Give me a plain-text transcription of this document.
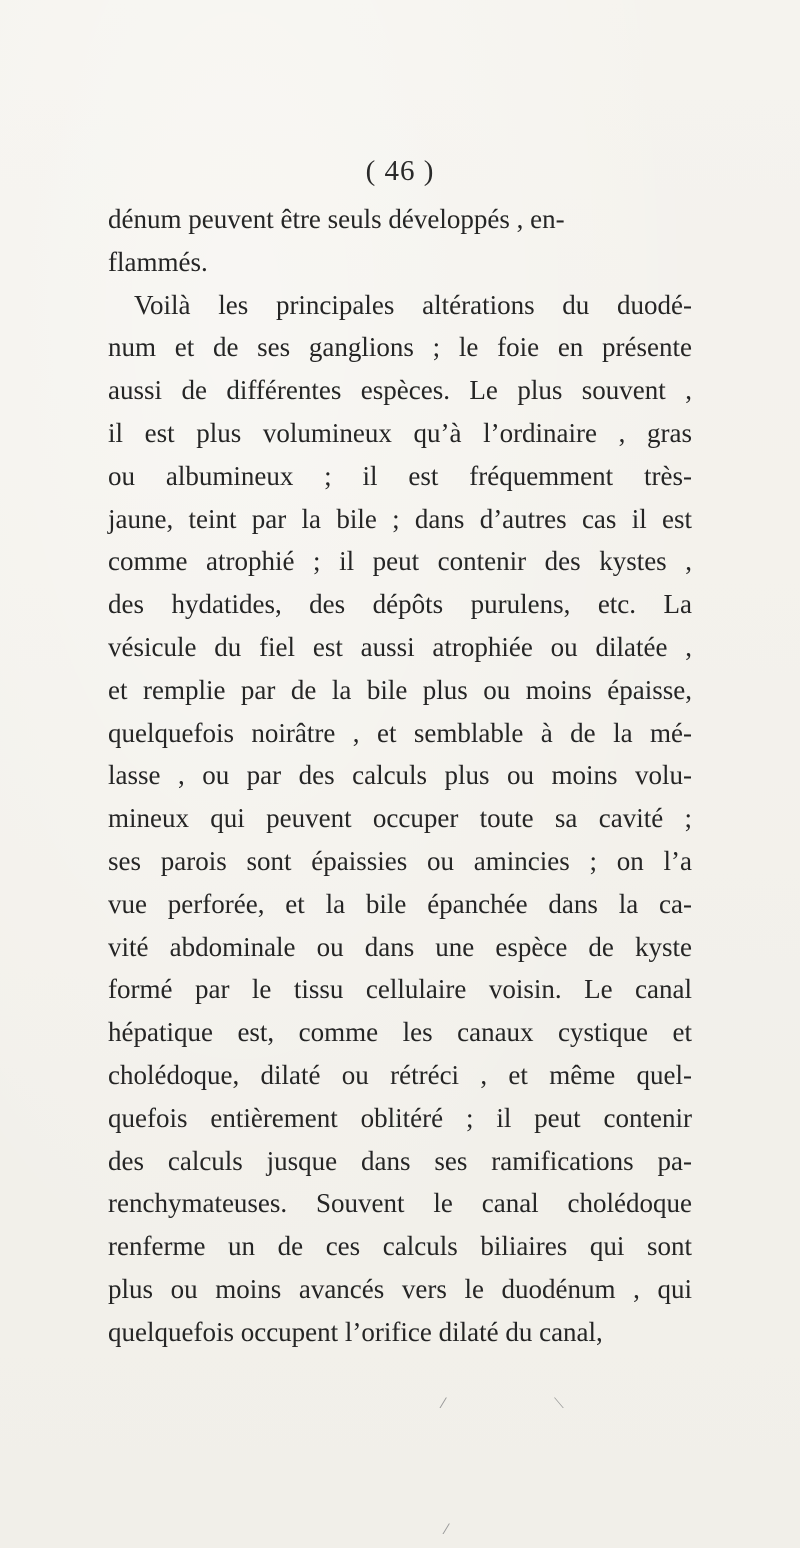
( 46 )
dénum peuvent être seuls développés , en-
flammés.
Voilà les principales altérations du duodé-
num et de ses ganglions ; le foie en présente
aussi de différentes espèces. Le plus souvent ,
il est plus volumineux qu’à l’ordinaire , gras
ou albumineux ; il est fréquemment très-
jaune, teint par la bile ; dans d’autres cas il est
comme atrophié ; il peut contenir des kystes ,
des hydatides, des dépôts purulens, etc. La
vésicule du fiel est aussi atrophiée ou dilatée ,
et remplie par de la bile plus ou moins épaisse,
quelquefois noirâtre , et semblable à de la mé-
lasse , ou par des calculs plus ou moins volu-
mineux qui peuvent occuper toute sa cavité ;
ses parois sont épaissies ou amincies ; on l’a
vue perforée, et la bile épanchée dans la ca-
vité abdominale ou dans une espèce de kyste
formé par le tissu cellulaire voisin. Le canal
hépatique est, comme les canaux cystique et
cholédoque, dilaté ou rétréci , et même quel-
quefois entièrement oblitéré ; il peut contenir
des calculs jusque dans ses ramifications pa-
renchymateuses. Souvent le canal cholédoque
renferme un de ces calculs biliaires qui sont
plus ou moins avancés vers le duodénum , qui
quelquefois occupent l’orifice dilaté du canal,
⁄	⟍
⁄
